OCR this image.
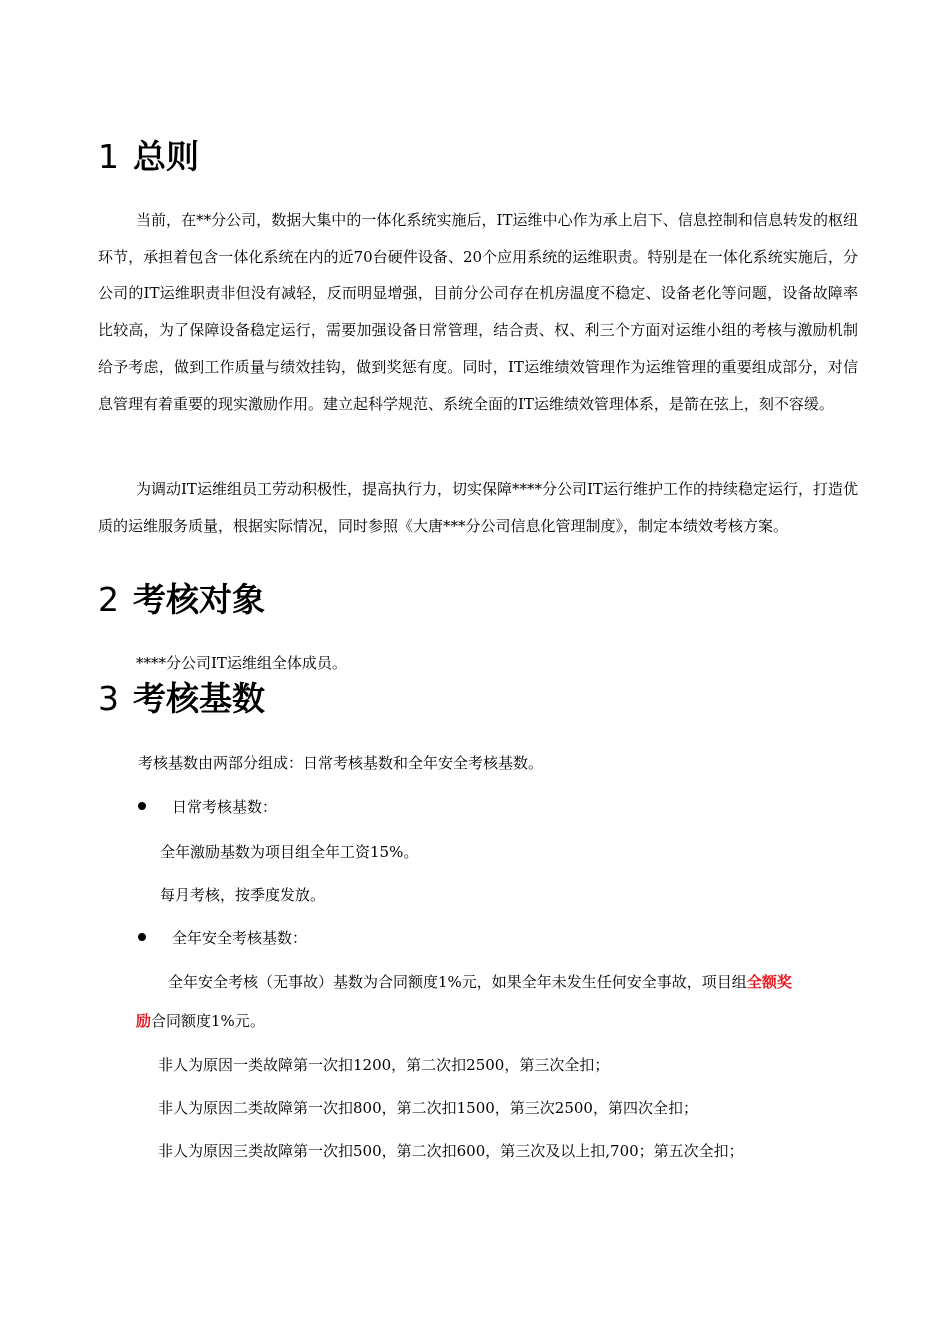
1 总则

当前，在**分公司，数据大集中的一体化系统实施后，IT运维中心作为承上启下、信息控制和信息转发的枢纽环节，承担着包含一体化系统在内的近70台硬件设备、20个应用系统的运维职责。特别是在一体化系统实施后，分公司的IT运维职责非但没有减轻，反而明显增强，目前分公司存在机房温度不稳定、设备老化等问题，设备故障率比较高，为了保障设备稳定运行，需要加强设备日常管理，结合责、权、利三个方面对运维小组的考核与激励机制给予考虑，做到工作质量与绩效挂钩，做到奖惩有度。同时，IT运维绩效管理作为运维管理的重要组成部分，对信息管理有着重要的现实激励作用。建立起科学规范、系统全面的IT运维绩效管理体系，是箭在弦上，刻不容缓。

为调动IT运维组员工劳动积极性，提高执行力，切实保障****分公司IT运行维护工作的持续稳定运行，打造优质的运维服务质量，根据实际情况，同时参照《大唐***分公司信息化管理制度》，制定本绩效考核方案。

2 考核对象

****分公司IT运维组全体成员。

3 考核基数

考核基数由两部分组成：日常考核基数和全年安全考核基数。

日常考核基数：

全年激励基数为项目组全年工资15%。

每月考核，按季度发放。

全年安全考核基数：

全年安全考核（无事故）基数为合同额度1%元，如果全年未发生任何安全事故，项目组全额奖

励合同额度1%元。

非人为原因一类故障第一次扣1200，第二次扣2500，第三次全扣；

非人为原因二类故障第一次扣800，第二次扣1500，第三次2500，第四次全扣；

非人为原因三类故障第一次扣500，第二次扣600，第三次及以上扣,700；第五次全扣；
